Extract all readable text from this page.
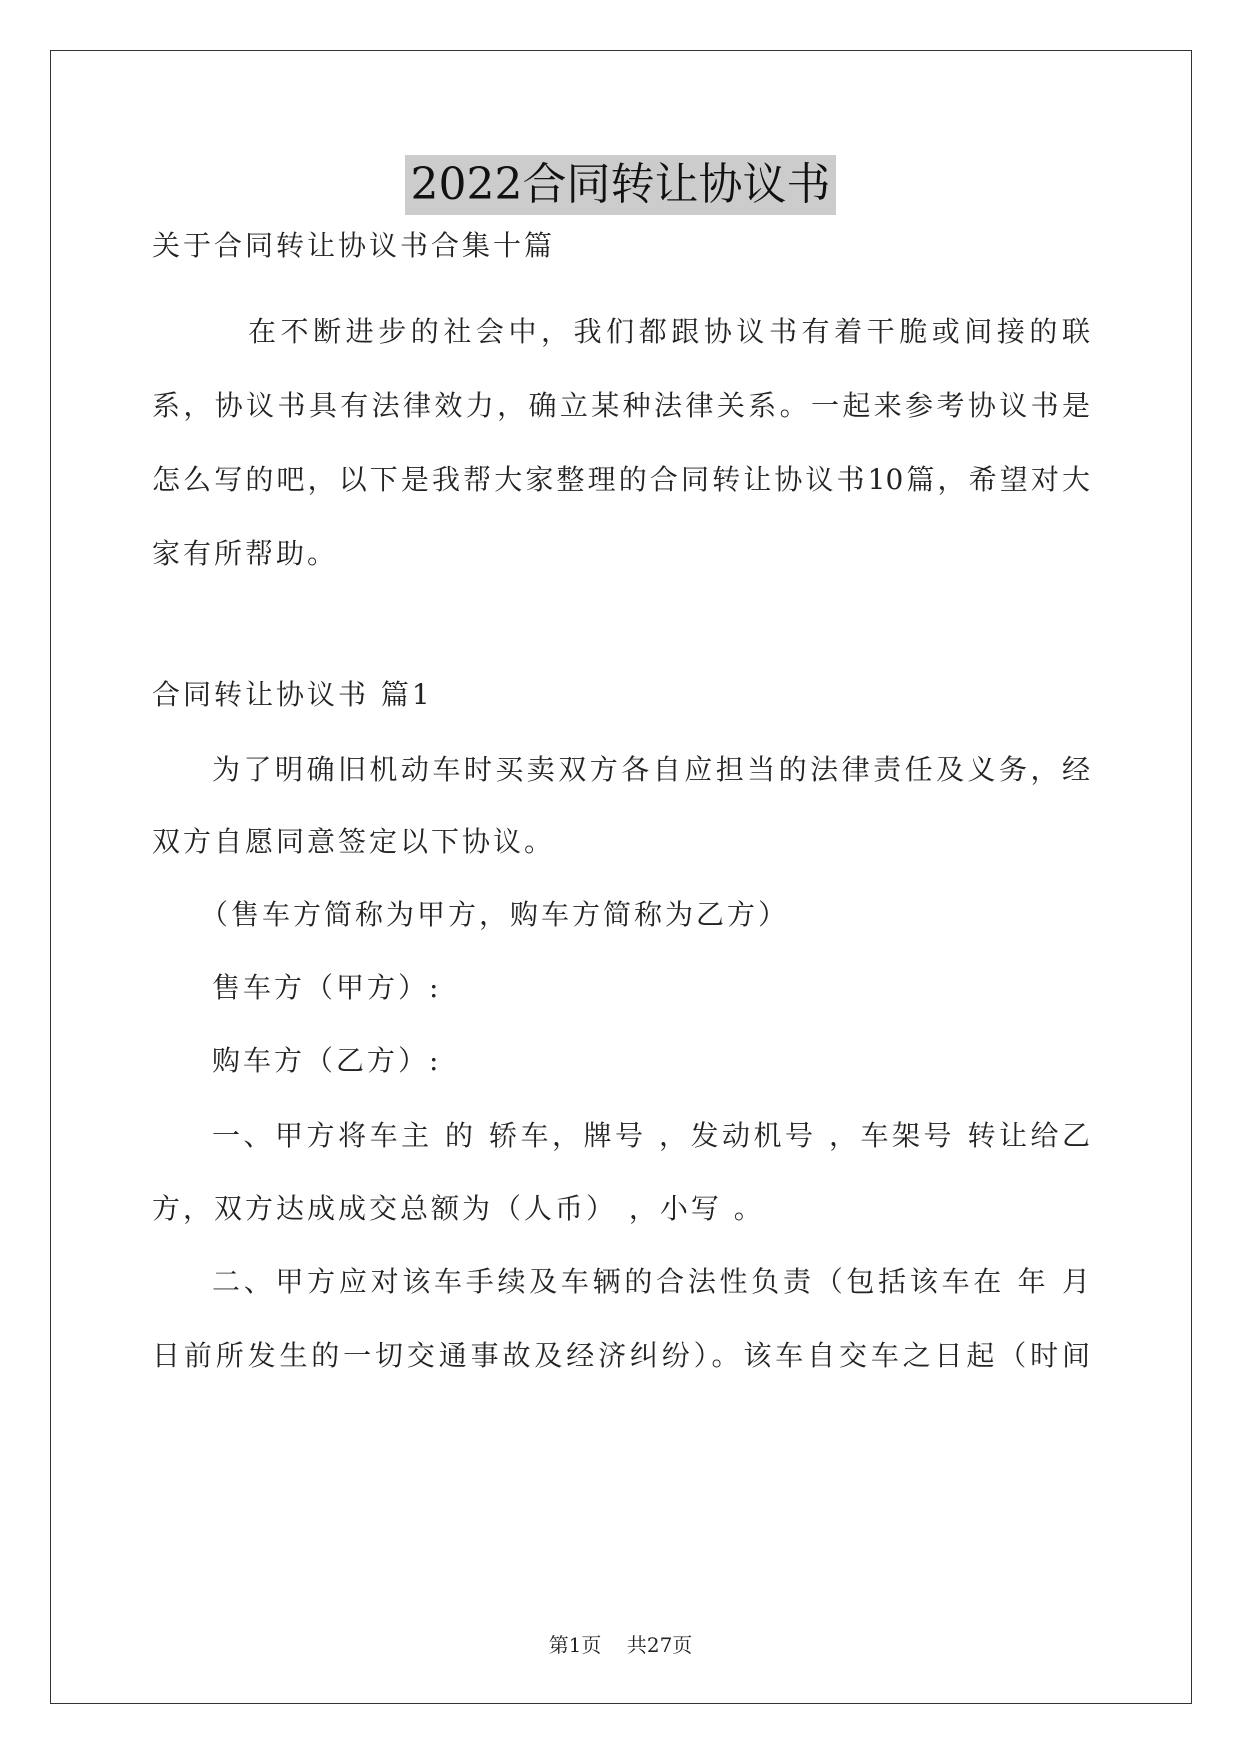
2022合同转让协议书
关于合同转让协议书合集十篇
在不断进步的社会中，我们都跟协议书有着干脆或间接的联
系，协议书具有法律效力，确立某种法律关系。一起来参考协议书是
怎么写的吧，以下是我帮大家整理的合同转让协议书10篇，希望对大
家有所帮助。
合同转让协议书 篇1
为了明确旧机动车时买卖双方各自应担当的法律责任及义务，经
双方自愿同意签定以下协议。
（售车方简称为甲方，购车方简称为乙方）
售车方（甲方）:
购车方（乙方）:
一、甲方将车主 的 轿车，牌号 ，发动机号 ，车架号 转让给乙
方，双方达成成交总额为（人币） ，小写 。
二、甲方应对该车手续及车辆的合法性负责（包括该车在 年 月
日前所发生的一切交通事故及经济纠纷）。该车自交车之日起（时间
第1页    共27页
